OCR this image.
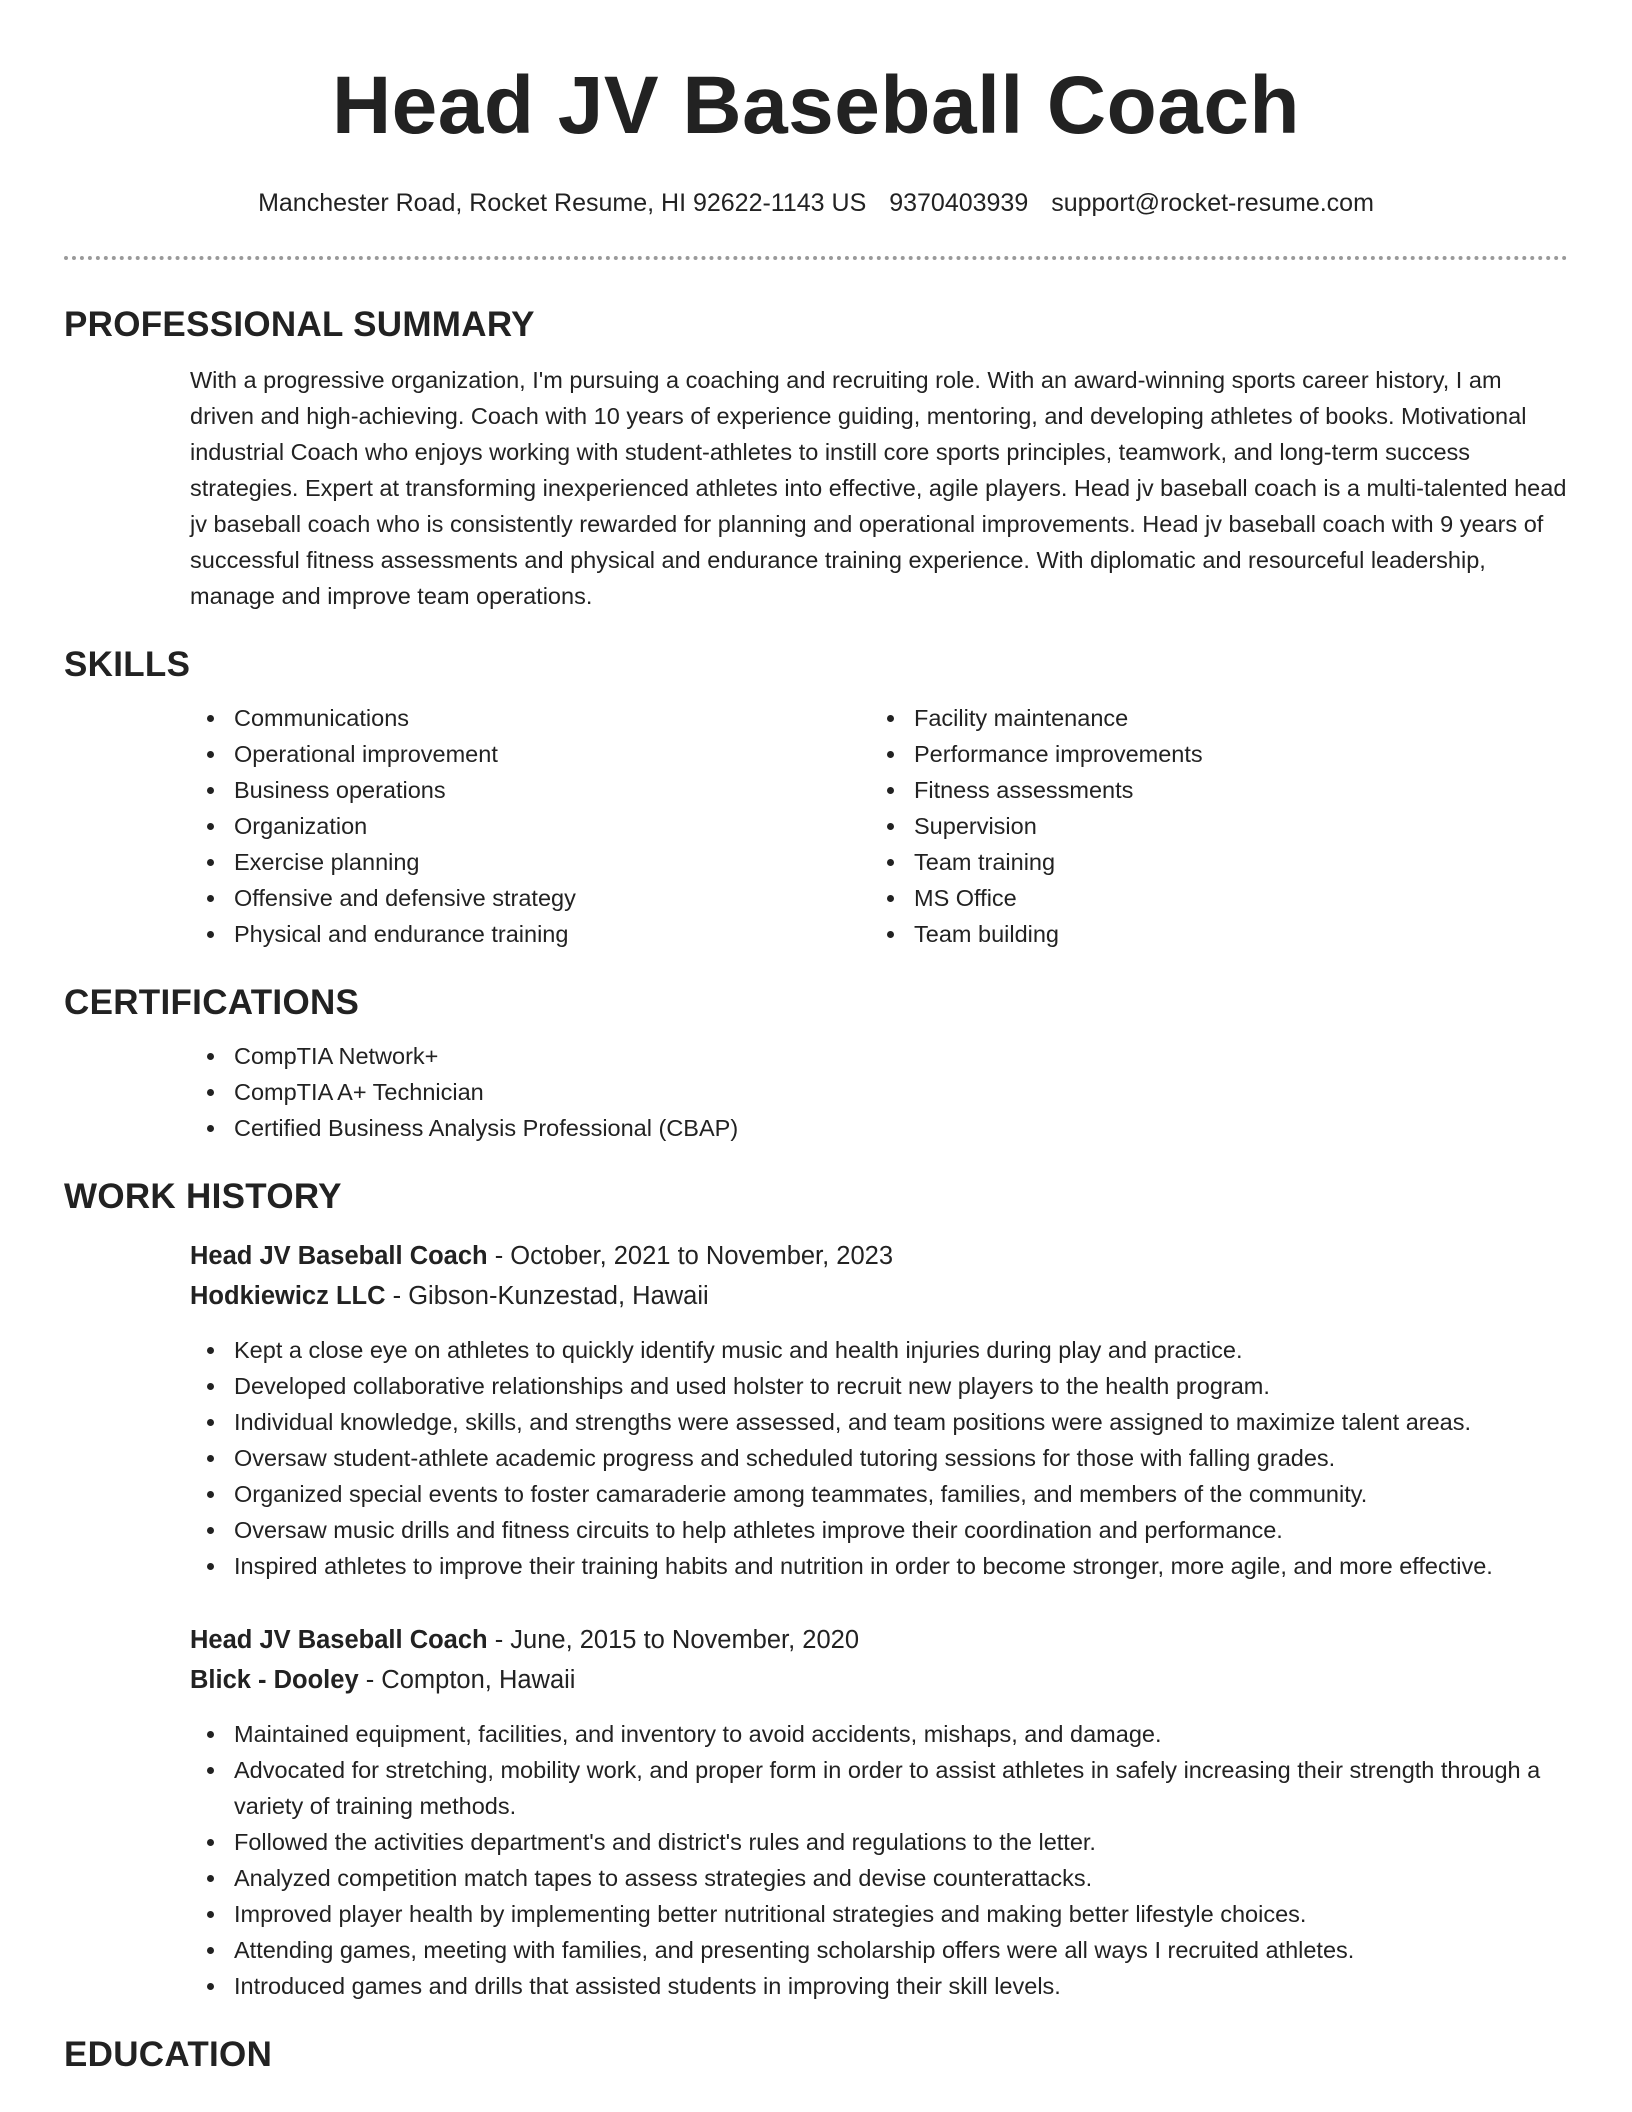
Head JV Baseball Coach
Manchester Road, Rocket Resume, HI 92622-1143 US 9370403939 support@rocket-resume.com
PROFESSIONAL SUMMARY

With a progressive organization, I'm pursuing a coaching and recruiting role. With an award-winning sports career history, I am driven and high-achieving. Coach with 10 years of experience guiding, mentoring, and developing athletes of books. Motivational industrial Coach who enjoys working with student-athletes to instill core sports principles, teamwork, and long-term success strategies. Expert at transforming inexperienced athletes into effective, agile players. Head jv baseball coach is a multi-talented head jv baseball coach who is consistently rewarded for planning and operational improvements. Head jv baseball coach with 9 years of successful fitness assessments and physical and endurance training experience. With diplomatic and resourceful leadership, manage and improve team operations.

SKILLS
Communications
Operational improvement
Business operations
Organization
Exercise planning
Offensive and defensive strategy
Physical and endurance training
Facility maintenance
Performance improvements
Fitness assessments
Supervision
Team training
MS Office
Team building
CERTIFICATIONS
CompTIA Network+
CompTIA A+ Technician
Certified Business Analysis Professional (CBAP)
WORK HISTORY
Head JV Baseball Coach - October, 2021 to November, 2023
Hodkiewicz LLC - Gibson-Kunzestad, Hawaii
Kept a close eye on athletes to quickly identify music and health injuries during play and practice.
Developed collaborative relationships and used holster to recruit new players to the health program.
Individual knowledge, skills, and strengths were assessed, and team positions were assigned to maximize talent areas.
Oversaw student-athlete academic progress and scheduled tutoring sessions for those with falling grades.
Organized special events to foster camaraderie among teammates, families, and members of the community.
Oversaw music drills and fitness circuits to help athletes improve their coordination and performance.
Inspired athletes to improve their training habits and nutrition in order to become stronger, more agile, and more effective.
Head JV Baseball Coach - June, 2015 to November, 2020
Blick - Dooley - Compton, Hawaii
Maintained equipment, facilities, and inventory to avoid accidents, mishaps, and damage.
Advocated for stretching, mobility work, and proper form in order to assist athletes in safely increasing their strength through a variety of training methods.
Followed the activities department's and district's rules and regulations to the letter.
Analyzed competition match tapes to assess strategies and devise counterattacks.
Improved player health by implementing better nutritional strategies and making better lifestyle choices.
Attending games, meeting with families, and presenting scholarship offers were all ways I recruited athletes.
Introduced games and drills that assisted students in improving their skill levels.
EDUCATION
